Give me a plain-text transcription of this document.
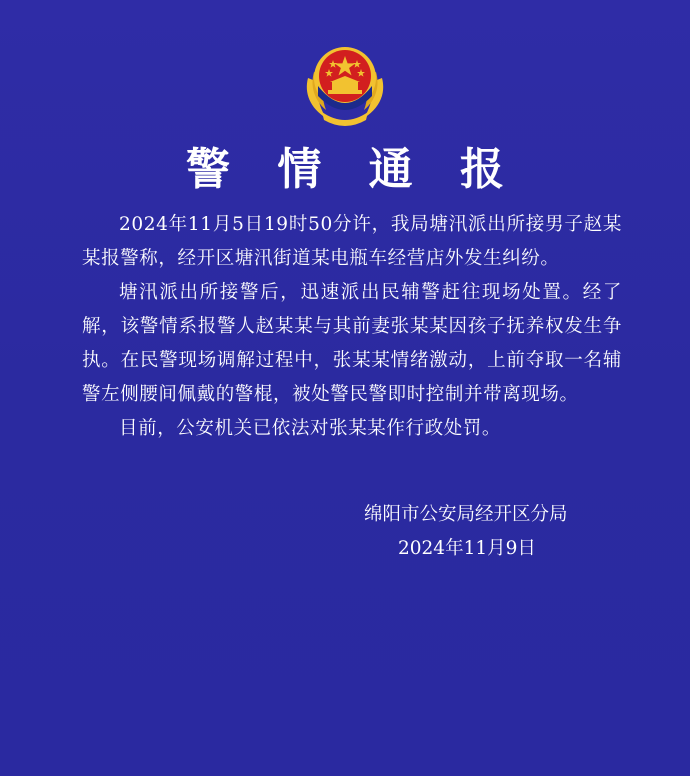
警 情 通 报

2024年11月5日19时50分许，我局塘汛派出所接男子赵某某报警称，经开区塘汛街道某电瓶车经营店外发生纠纷。

塘汛派出所接警后，迅速派出民辅警赶往现场处置。经了解，该警情系报警人赵某某与其前妻张某某因孩子抚养权发生争执。在民警现场调解过程中，张某某情绪激动，上前夺取一名辅警左侧腰间佩戴的警棍，被处警民警即时控制并带离现场。

目前，公安机关已依法对张某某作行政处罚。

绵阳市公安局经开区分局
2024年11月9日
